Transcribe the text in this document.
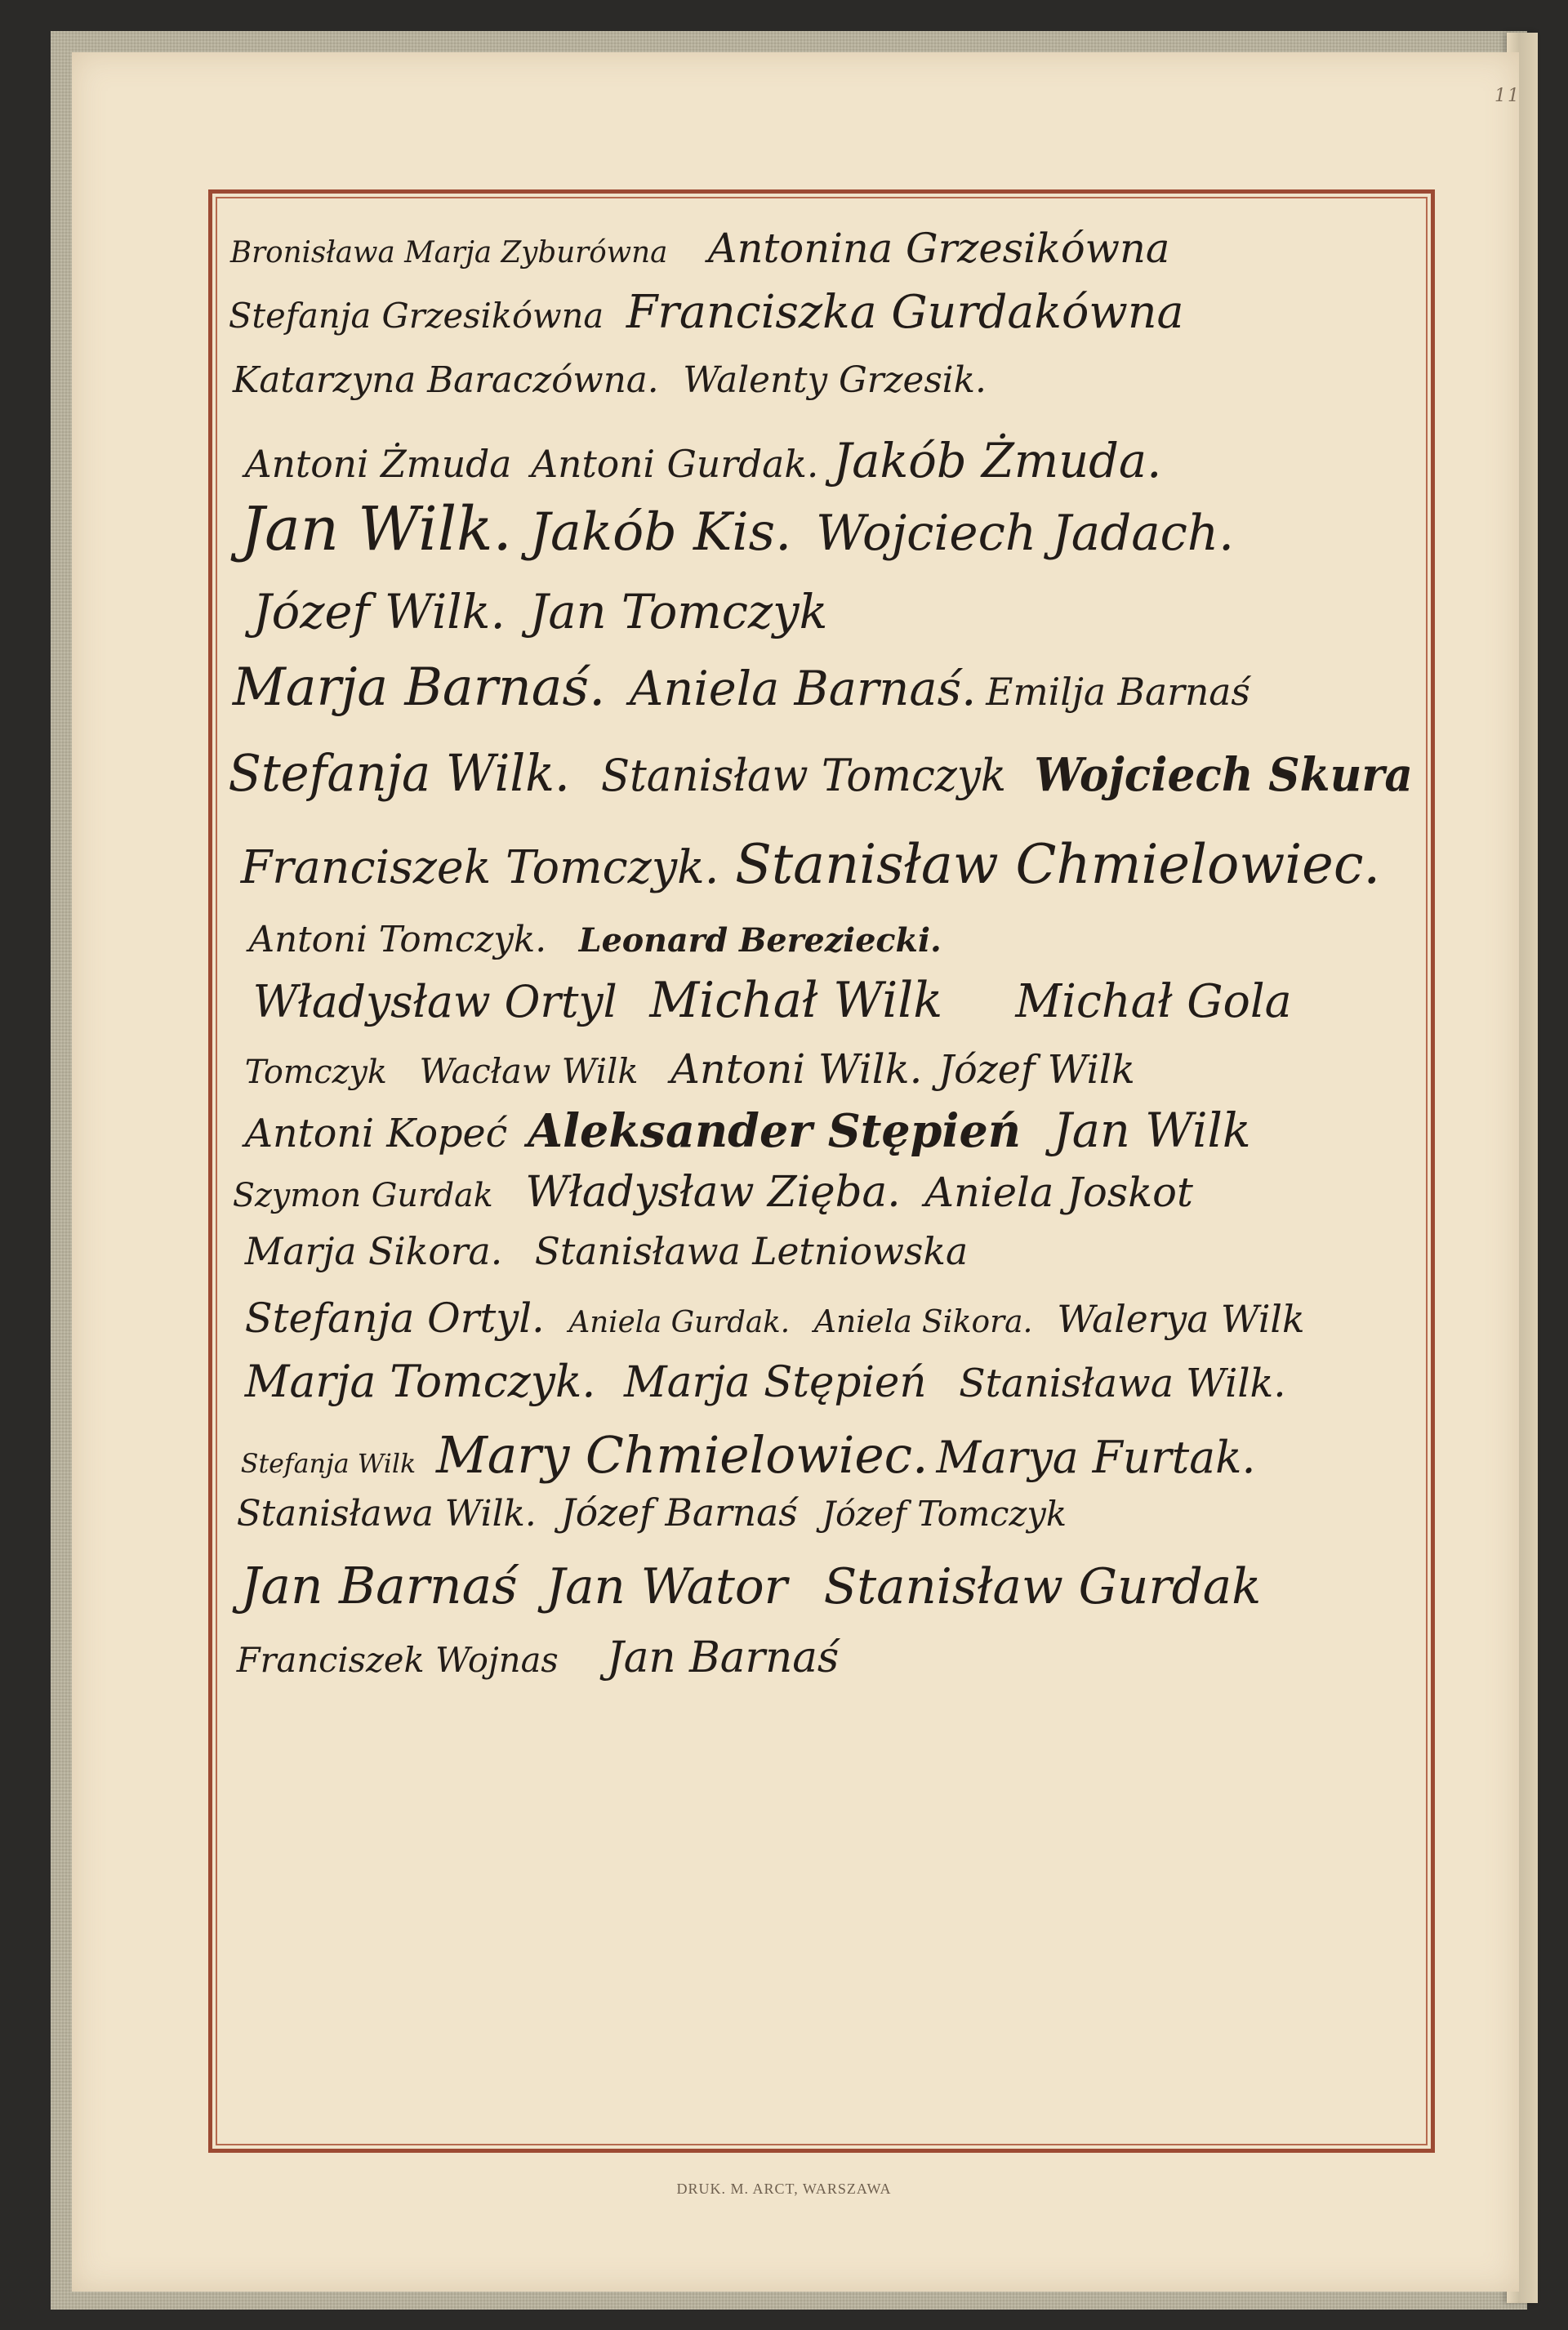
11
Bronisława Marja Zyburówna Antonina Grzesikówna
Stefanja Grzesikówna Franciszka Gurdakówna
Katarzyna Baraczówna. Walenty Grzesik.
Antoni Żmuda Antoni Gurdak. Jakób Żmuda.
Jan Wilk. Jakób Kis. Wojciech Jadach.
Józef Wilk. Jan Tomczyk
Marja Barnaś. Aniela Barnaś. Emilja Barnaś
Stefanja Wilk. Stanisław Tomczyk Wojciech Skura
Franciszek Tomczyk. Stanisław Chmielowiec.
Antoni Tomczyk. Leonard Bereziecki.
Władysław Ortyl Michał Wilk Michał Gola
Tomczyk Wacław Wilk Antoni Wilk. Józef Wilk
Antoni Kopeć Aleksander Stępień Jan Wilk
Szymon Gurdak Władysław Zięba. Aniela Joskot
Marja Sikora. Stanisława Letniowska
Stefanja Ortyl. Aniela Gurdak. Aniela Sikora. Walerya Wilk
Marja Tomczyk. Marja Stępień Stanisława Wilk.
Stefanja Wilk Mary Chmielowiec. Marya Furtak.
Stanisława Wilk. Józef Barnaś Józef Tomczyk
Jan Barnaś Jan Wator Stanisław Gurdak
Franciszek Wojnas Jan Barnaś
DRUK. M. ARCT, WARSZAWA
